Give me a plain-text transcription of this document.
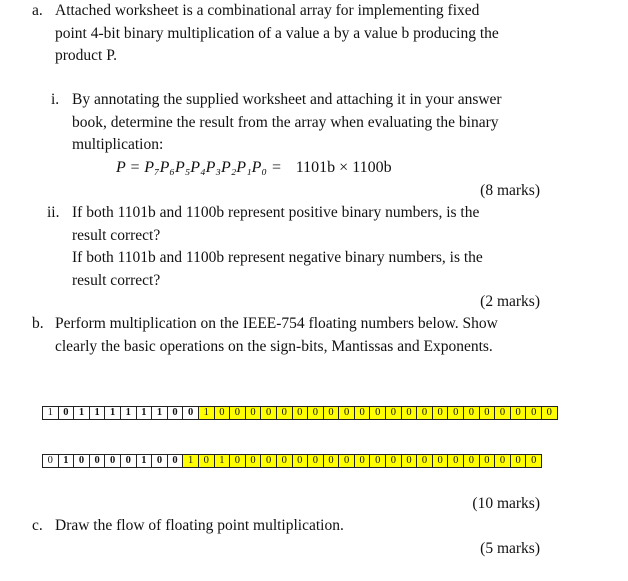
a. Attached worksheet is a combinational array for implementing fixed

point 4-bit binary multiplication of a value a by a value b producing the

product P.

i. By annotating the supplied worksheet and attaching it in your answer

book, determine the result from the array when evaluating the binary

multiplication:

P = P₇P₆P₅P₄P₃P₂P₁P₀ = 1101b × 1100b
(8 marks)
ii. If both 1101b and 1100b represent positive binary numbers, is the

result correct?

If both 1101b and 1100b represent negative binary numbers, is the

result correct?

(2 marks)
b. Perform multiplication on the IEEE-754 floating numbers below. Show

clearly the basic operations on the sign-bits, Mantissas and Exponents.

1 0 1 1 1 1 1 1 0 0 1 0 0 0 0 0 0 0 0 0 0 0 0 0 0 0 0 0 0 0 0 0 0
0 1 0 0 0 0 1 0 0 1 0 1 0 0 0 0 0 0 0 0 0 0 0 0 0 0 0 0 0 0 0 0
(10 marks)
c. Draw the flow of floating point multiplication.

(5 marks)
